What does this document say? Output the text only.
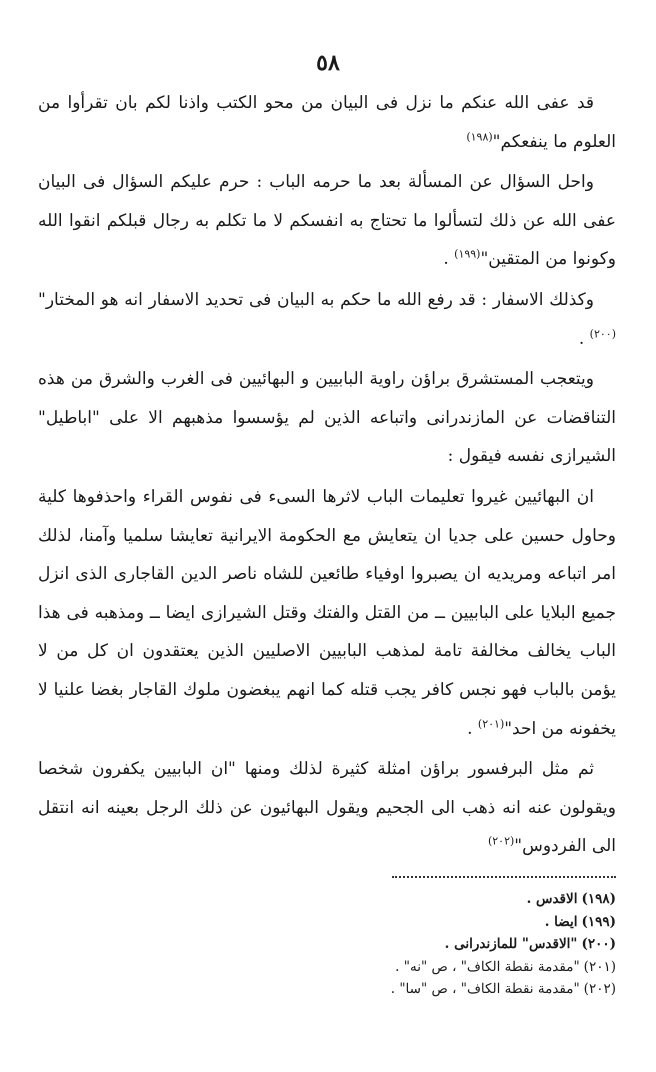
٥٨

قد عفى الله عنكم ما نزل فى البيان من محو الكتب واذنا لكم بان تقرأوا من العلوم ما ينفعكم"$^{(١٩٨)}$

واحل السؤال عن المسألة بعد ما حرمه الباب : حرم عليكم السؤال فى البيان عفى الله عن ذلك لتسألوا ما تحتاج به انفسكم لا ما تكلم به رجال قبلكم انقوا الله وكونوا من المتقين"$^{(١٩٩)}$ .

وكذلك الاسفار : قد رفع الله ما حكم به البيان فى تحديد الاسفار انه هو المختار"$^{(٢٠٠)}$ .

ويتعجب المستشرق براؤن راوية البابيين و البهائيين فى الغرب والشرق من هذه التناقضات عن المازندرانى واتباعه الذين لم يؤسسوا مذهبهم الا على "اباطيل" الشيرازى نفسه فيقول :

ان البهائيين غيروا تعليمات الباب لاثرها السىء فى نفوس القراء واحذفوها كلية وحاول حسين على جديا ان يتعايش مع الحكومة الايرانية تعايشا سلميا وآمنا، لذلك امر اتباعه ومريديه ان يصبروا اوفياء طائعين للشاه ناصر الدين القاجارى الذى انزل جميع البلايا على البابيين ــ من القتل والفتك وقتل الشيرازى ايضا ــ ومذهبه فى هذا الباب يخالف مخالفة تامة لمذهب البابيين الاصليين الذين يعتقدون ان كل من لا يؤمن بالباب فهو نجس كافر يجب قتله كما انهم يبغضون ملوك القاجار بغضا علنيا لا يخفونه من احد"$^{(٢٠١)}$ .

ثم مثل البرفسور براؤن امثلة كثيرة لذلك ومنها "ان البابيين يكفرون شخصا ويقولون عنه انه ذهب الى الجحيم ويقول البهائيون عن ذلك الرجل بعينه انه انتقل الى الفردوس"$^{(٢٠٢)}$

(١٩٨)الاقدس .

(١٩٩)ايضا .

(٢٠٠)"الاقدس" للمازندرانى .

(٢٠١)"مقدمة نقطة الكاف" ، ص "نه" .

(٢٠٢)"مقدمة نقطة الكاف" ، ص "سا" .
